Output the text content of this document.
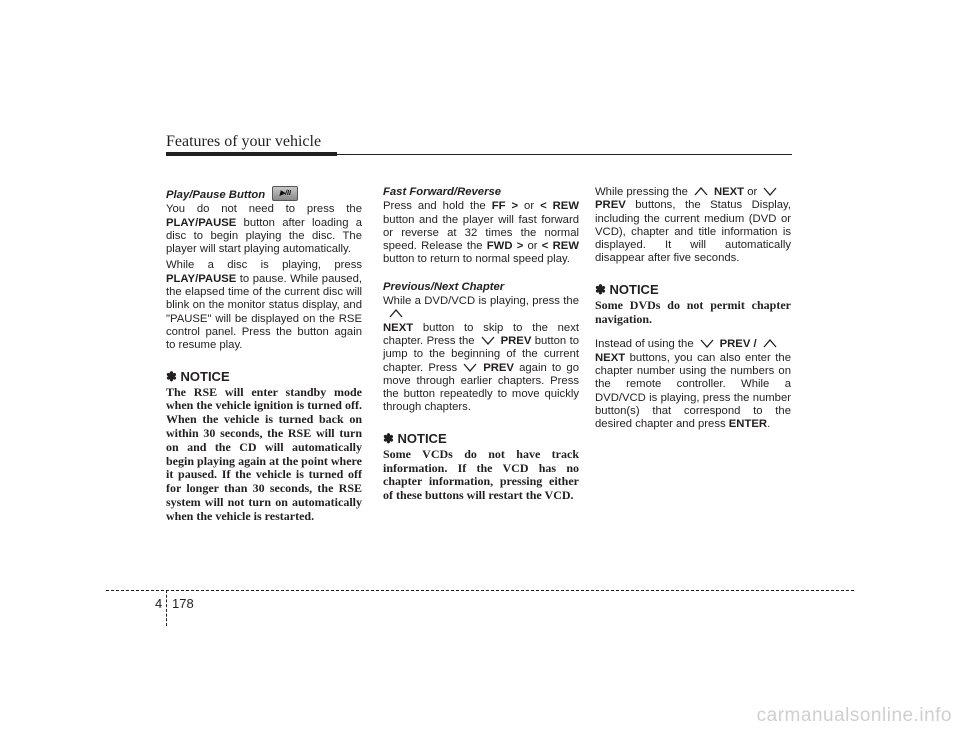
Features of your vehicle
Play/Pause Button	▶/II

You do not need to press the PLAY/PAUSE button after loading a disc to begin playing the disc. The player will start playing automatically.

While a disc is playing, press PLAY/PAUSE to pause. While paused, the elapsed time of the current disc will blink on the monitor status display, and "PAUSE" will be displayed on the RSE control panel. Press the button again to resume play.

✽ NOTICE

The RSE will enter standby mode when the vehicle ignition is turned off. When the vehicle is turned back on within 30 seconds, the RSE will turn on and the CD will automatically begin playing again at the point where it paused. If the vehicle is turned off for longer than 30 seconds, the RSE system will not turn on automatically when the vehicle is restarted.

Fast Forward/Reverse

Press and hold the FF > or < REW button and the player will fast forward or reverse at 32 times the normal speed. Release the FWD > or < REW button to return to normal speed play.

Previous/Next Chapter

While a DVD/VCD is playing, press the

NEXT button to skip to the next chapter. Press the PREV button to jump to the beginning of the current chapter. Press PREV again to go move through earlier chapters. Press the button repeatedly to move quickly through chapters.

✽ NOTICE

Some VCDs do not have track information. If the VCD has no chapter information, pressing either of these buttons will restart the VCD.

While pressing the NEXT or

PREV buttons, the Status Display, including the current medium (DVD or VCD), chapter and title information is displayed. It will automatically disappear after five seconds.

✽ NOTICE

Some DVDs do not permit chapter navigation.

Instead of using the PREV /

NEXT buttons, you can also enter the chapter number using the numbers on the remote controller. While a DVD/VCD is playing, press the number button(s) that correspond to the desired chapter and press ENTER.

4 178
carmanualsonline.info
